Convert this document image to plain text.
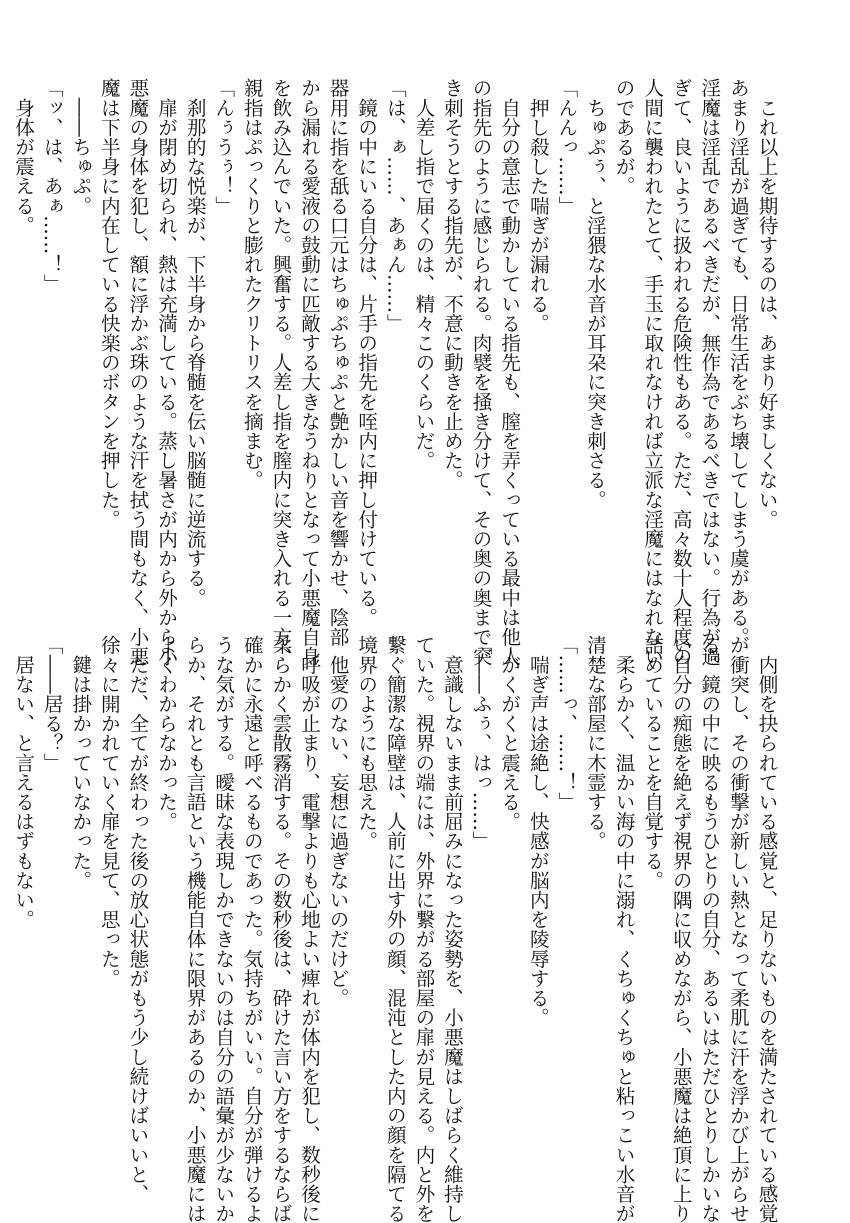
　これ以上を期待するのは、あまり好ましくない。
あまり淫乱が過ぎても、日常生活をぶち壊してしまう虞がある。
淫魔は淫乱であるべきだが、無作為であるべきではない。行為が過
ぎて、良いように扱われる危険性もある。ただ、高々数十人程度の
人間に襲われたとて、手玉に取れなければ立派な淫魔にはなれない
のであるが。
　ちゅぷぅ、と淫猥な水音が耳朶に突き刺さる。
「んんっ……」
　押し殺した喘ぎが漏れる。
　自分の意志で動かしている指先も、膣を弄くっている最中は他人
の指先のように感じられる。肉襞を掻き分けて、その奥の奥まで突
き刺そうとする指先が、不意に動きを止めた。
　人差し指で届くのは、精々このくらいだ。
「は、ぁ……、あぁん……」
　鏡の中にいる自分は、片手の指先を咥内に押し付けている。
器用に指を舐る口元はちゅぷちゅぷと艶かしい音を響かせ、陰部
から漏れる愛液の鼓動に匹敵する大きなうねりとなって小悪魔自身
を飲み込んでいた。興奮する。人差し指を膣内に突き入れる一方、
親指はぷっくりと膨れたクリトリスを摘まむ。
「んぅうぅ！」
　刹那的な悦楽が、下半身から脊髄を伝い脳髄に逆流する。
　扉が閉め切られ、熱は充満している。蒸し暑さが内から外から小
悪魔の身体を犯し、額に浮かぶ珠のような汗を拭う間もなく、小悪
魔は下半身に内在している快楽のボタンを押した。
　――ちゅぷ。
「ッ、は、あぁ……！」
　身体が震える。
　内側を抉られている感覚と、足りないものを満たされている感覚
が衝突し、その衝撃が新しい熱となって柔肌に汗を浮かび上がらせ
る。鏡の中に映るもうひとりの自分、あるいはただひとりしかいな
い自分の痴態を絶えず視界の隅に収めながら、小悪魔は絶頂に上り
詰めていることを自覚する。
　柔らかく、温かい海の中に溺れ、くちゅくちゅと粘っこい水音が
清楚な部屋に木霊する。
「……っ、……！」
　喘ぎ声は途絶し、快感が脳内を陵辱する。
　がくがくと震える。
「――ふぅ、はっ……」
　意識しないまま前屈みになった姿勢を、小悪魔はしばらく維持し
ていた。視界の端には、外界に繋がる部屋の扉が見える。内と外を
繋ぐ簡潔な障壁は、人前に出す外の顔、混沌とした内の顔を隔てる
境界のようにも思えた。
　他愛のない、妄想に過ぎないのだけど。
　呼吸が止まり、電撃よりも心地よい痺れが体内を犯し、数秒後に
柔らかく雲散霧消する。その数秒後は、砕けた言い方をするならば
確かに永遠と呼べるものであった。気持ちがいい。自分が弾けるよ
うな気がする。曖昧な表現しかできないのは自分の語彙が少ないか
らか、それとも言語という機能自体に限界があるのか、小悪魔には
よくわからなかった。
　ただ、全てが終わった後の放心状態がもう少し続けばいいと、
徐々に開かれていく扉を見て、思った。
　鍵は掛かっていなかった。
「――居る？」
　居ない、と言えるはずもない。
